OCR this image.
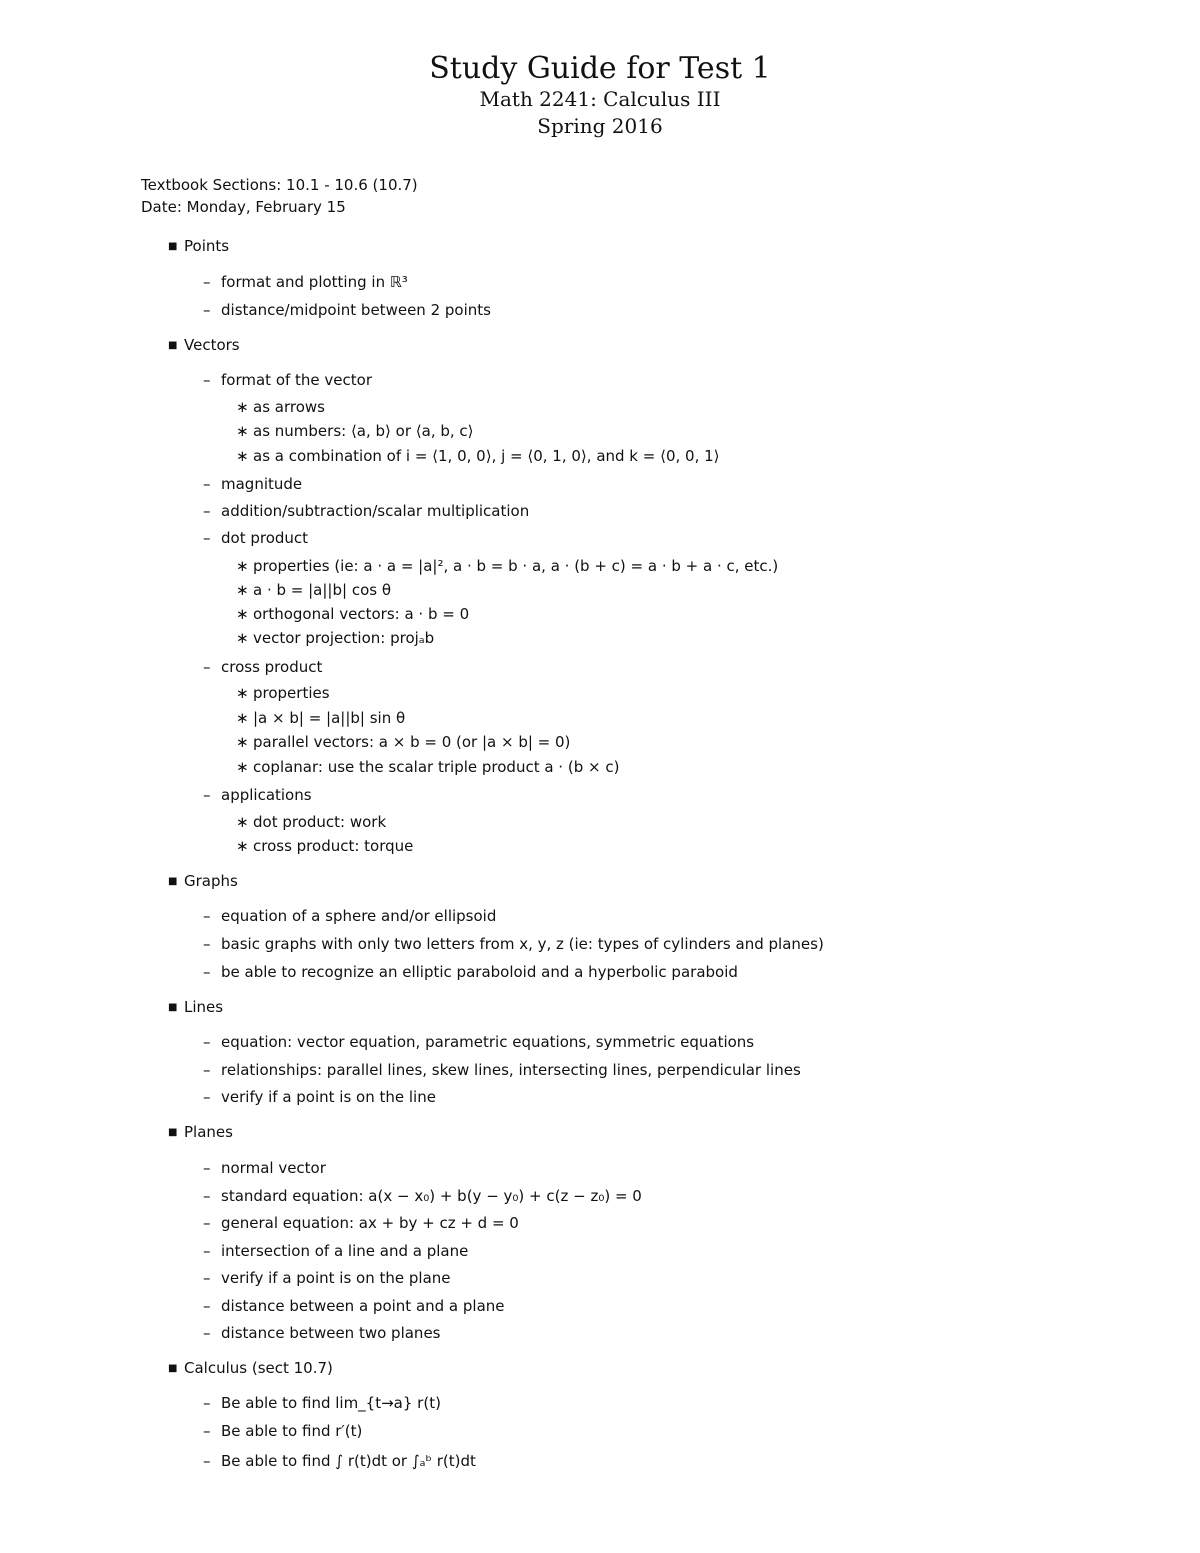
Study Guide for Test 1
Math 2241: Calculus III
Spring 2016
Textbook Sections: 10.1 - 10.6 (10.7)
Date: Monday, February 15
■ Points
– format and plotting in ℝ³
– distance/midpoint between 2 points
■ Vectors
– format of the vector
∗ as arrows
∗ as numbers: ⟨a, b⟩ or ⟨a, b, c⟩
∗ as a combination of i = ⟨1, 0, 0⟩, j = ⟨0, 1, 0⟩, and k = ⟨0, 0, 1⟩
– magnitude
– addition/subtraction/scalar multiplication
– dot product
∗ properties (ie: a · a = |a|², a · b = b · a, a · (b + c) = a · b + a · c, etc.)
∗ a · b = |a||b| cos θ
∗ orthogonal vectors: a · b = 0
∗ vector projection: projₐb
– cross product
∗ properties
∗ |a × b| = |a||b| sin θ
∗ parallel vectors: a × b = 0 (or |a × b| = 0)
∗ coplanar: use the scalar triple product a · (b × c)
– applications
∗ dot product: work
∗ cross product: torque
■ Graphs
– equation of a sphere and/or ellipsoid
– basic graphs with only two letters from x, y, z (ie: types of cylinders and planes)
– be able to recognize an elliptic paraboloid and a hyperbolic paraboid
■ Lines
– equation: vector equation, parametric equations, symmetric equations
– relationships: parallel lines, skew lines, intersecting lines, perpendicular lines
– verify if a point is on the line
■ Planes
– normal vector
– standard equation: a(x − x₀) + b(y − y₀) + c(z − z₀) = 0
– general equation: ax + by + cz + d = 0
– intersection of a line and a plane
– verify if a point is on the plane
– distance between a point and a plane
– distance between two planes
■ Calculus (sect 10.7)
– Be able to find lim_{t→a} r(t)
– Be able to find r′(t)
– Be able to find ∫ r(t)dt or ∫ₐᵇ r(t)dt
